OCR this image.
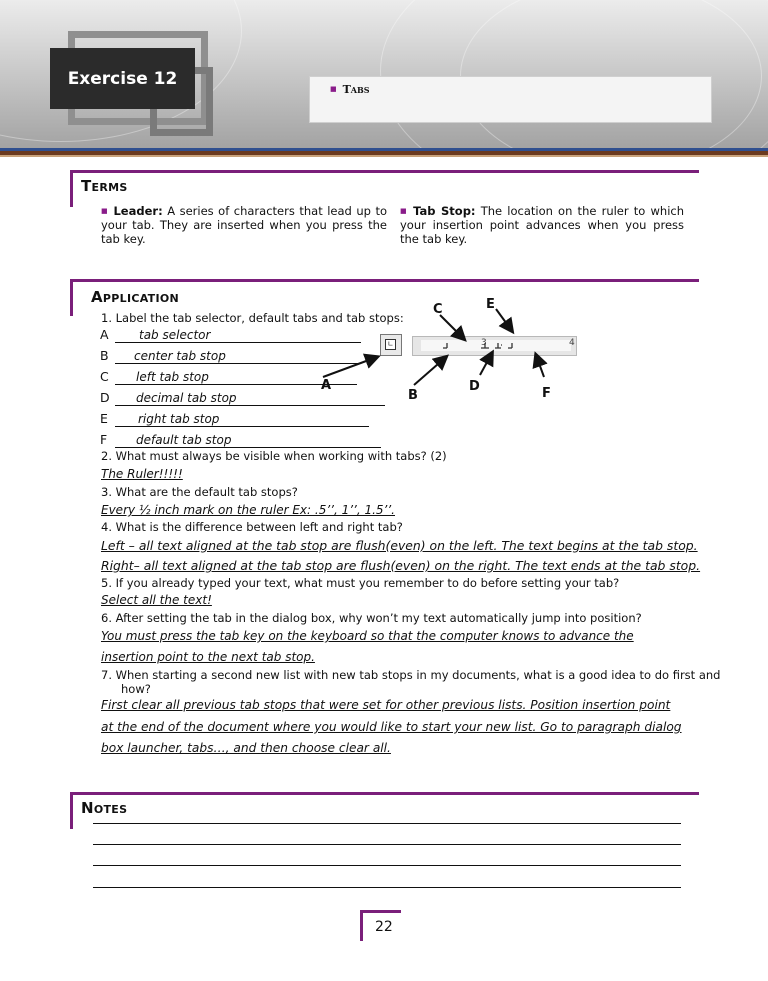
Exercise 12	■ Tabs
Terms
■ Leader: A series of characters that lead up to your tab. They are inserted when you press the tab key.
■ Tab Stop: The location on the ruler to which your insertion point advances when you press the tab key.
Application
1. Label the tab selector, default tabs and tab stops:
A	tab selector
B center tab stop
C left tab stop
D decimal tab stop
E	right tab stop
F default tab stop
∟	3	4
A
B
C
D
E
F
2. What must always be visible when working with tabs? (2)
The Ruler!!!!!
3. What are the default tab stops?
Every ½ inch mark on the ruler Ex: .5’’, 1’’, 1.5’’.
4. What is the difference between left and right tab?
Left – all text aligned at the tab stop are flush(even) on the left. The text begins at the tab stop.
Right– all text aligned at the tab stop are flush(even) on the right. The text ends at the tab stop.
5. If you already typed your text, what must you remember to do before setting your tab?
Select all the text!
6. After setting the tab in the dialog box, why won’t my text automatically jump into position?
You must press the tab key on the keyboard so that the computer knows to advance the
insertion point to the next tab stop.
7. When starting a second new list with new tab stops in my documents, what is a good idea to do first and
how?
First clear all previous tab stops that were set for other previous lists. Position insertion point
at the end of the document where you would like to start your new list. Go to paragraph dialog
box launcher, tabs…, and then choose clear all.
Notes
22
